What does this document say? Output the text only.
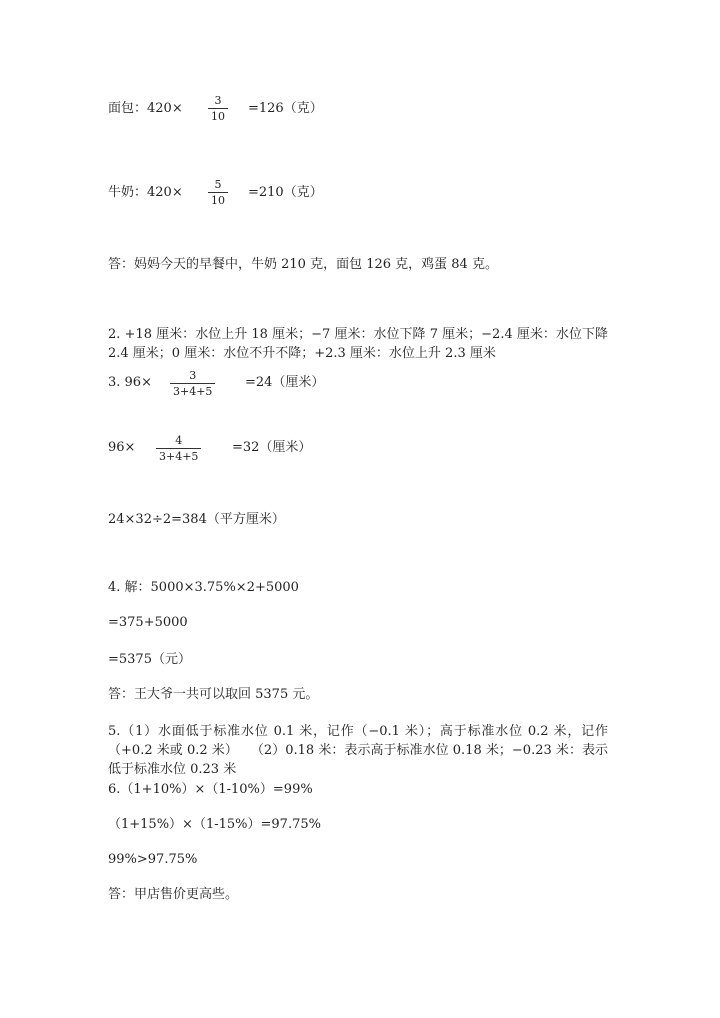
面包：420×
3
10
=126（克）
牛奶：420×
5
10
=210（克）
答：妈妈今天的早餐中，牛奶 210 克，面包 126 克，鸡蛋 84 克。
2. +18 厘米：水位上升 18 厘米；−7 厘米：水位下降 7 厘米；−2.4 厘米：水位下降 2.4 厘米；0 厘米：水位不升不降；+2.3 厘米：水位上升 2.3 厘米
3. 96×	3
3+4+5
=24（厘米）
96×	4
3+4+5
=32（厘米）
24×32÷2=384（平方厘米）
4. 解：5000×3.75%×2+5000
=375+5000
=5375（元）
答：王大爷一共可以取回 5375 元。
5.（1）水面低于标准水位 0.1 米，记作（−0.1 米）；高于标准水位 0.2 米，记作（+0.2 米或 0.2 米）　　（2）0.18 米：表示高于标准水位 0.18 米；−0.23 米：表示低于标准水位 0.23 米
6.（1+10%）×（1-10%）=99%
（1+15%）×（1-15%）=97.75%
99%>97.75%
答：甲店售价更高些。
